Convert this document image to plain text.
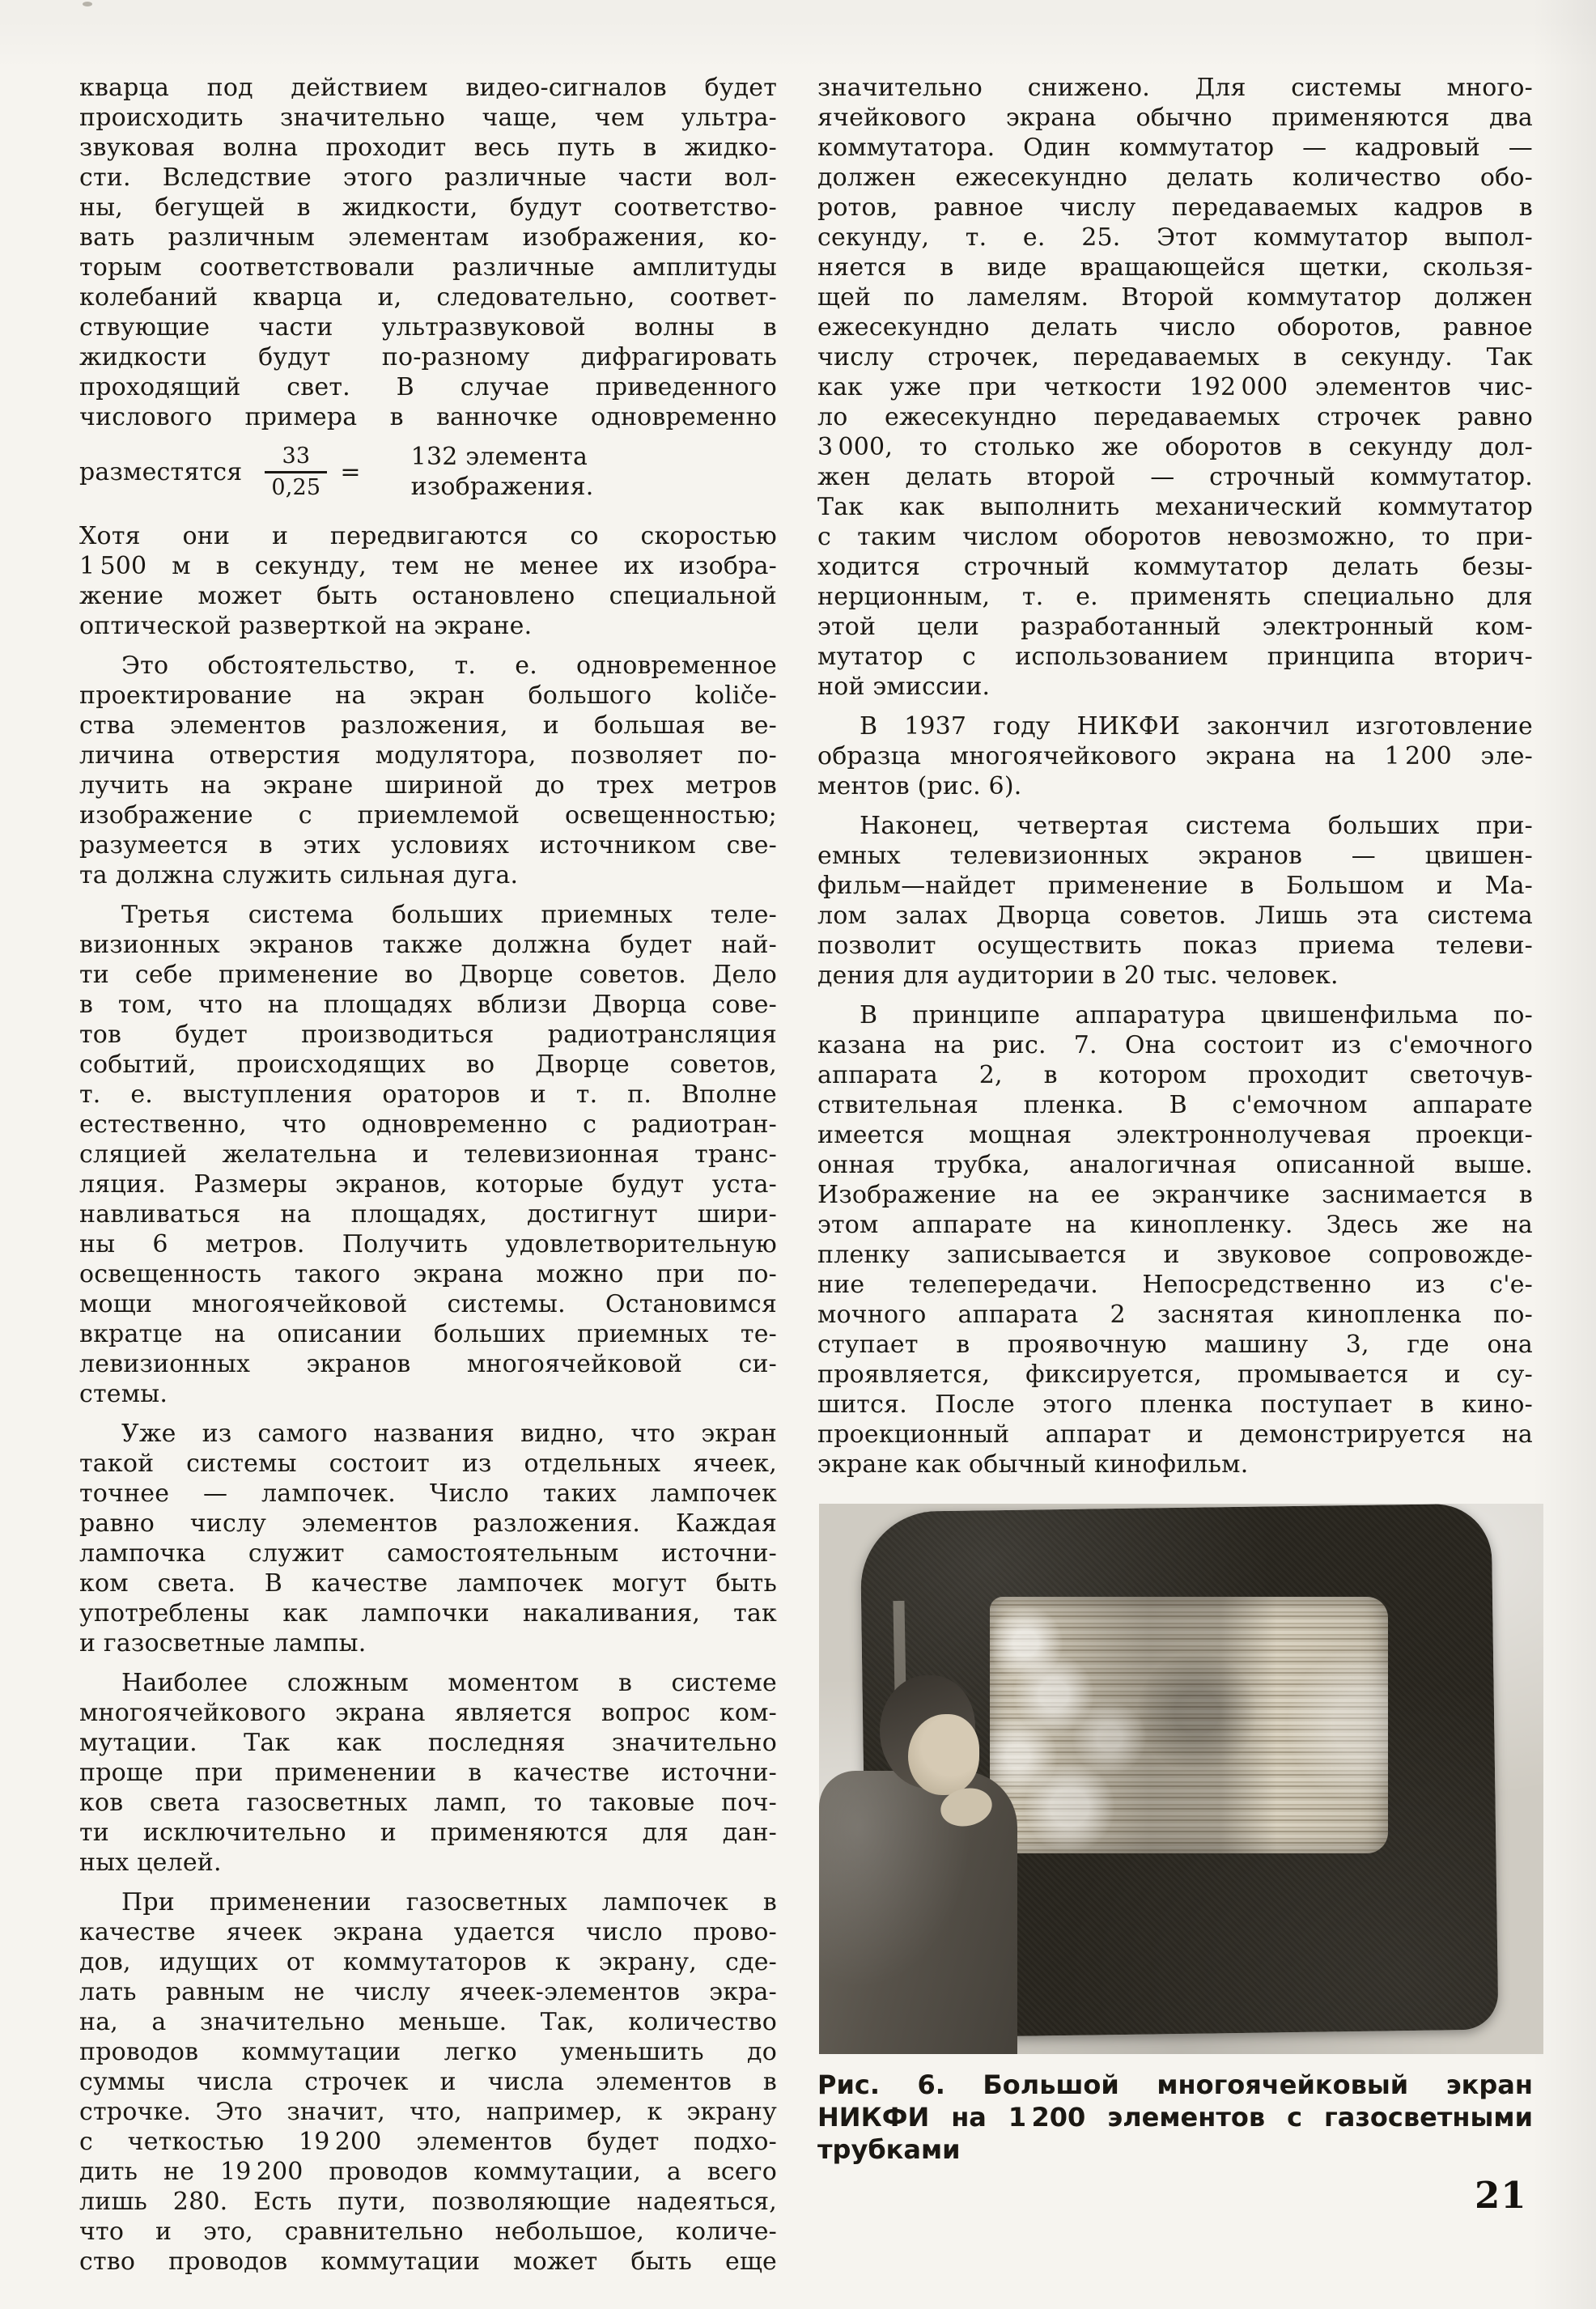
кварца под действием видео-сигналов будет
происходить значительно чаще, чем ультра-
звуковая волна проходит весь путь в жидко-
сти. Вследствие этого различные части вол-
ны, бегущей в жидкости, будут соответство-
вать различным элементам изображения, ко-
торым соответствовали различные амплитуды
колебаний кварца и, следовательно, соответ-
ствующие части ультразвуковой волны в
жидкости будут по-разному дифрагировать
проходящий свет. В случае приведенного
числового примера в ванночке одновременно
разместятся $\frac{33}{0,25}$ =
132 элемента изображения.
Хотя они и передвигаются со скоростью
1 500 м в секунду, тем не менее их изобра-
жение может быть остановлено специальной
оптической разверткой на экране.
Это обстоятельство, т. е. одновременное
проектирование на экран большого količе-
ства элементов разложения, и большая ве-
личина отверстия модулятора, позволяет по-
лучить на экране шириной до трех метров
изображение с приемлемой освещенностью;
разумеется в этих условиях источником све-
та должна служить сильная дуга.
Третья система больших приемных теле-
визионных экранов также должна будет най-
ти себе применение во Дворце советов. Дело
в том, что на площадях вблизи Дворца сове-
тов будет производиться радиотрансляция
событий, происходящих во Дворце советов,
т. е. выступления ораторов и т. п. Вполне
естественно, что одновременно с радиотран-
сляцией желательна и телевизионная транс-
ляция. Размеры экранов, которые будут уста-
навливаться на площадях, достигнут шири-
ны 6 метров. Получить удовлетворительную
освещенность такого экрана можно при по-
мощи многоячейковой системы. Остановимся
вкратце на описании больших приемных те-
левизионных экранов многоячейковой си-
стемы.
Уже из самого названия видно, что экран
такой системы состоит из отдельных ячеек,
точнее — лампочек. Число таких лампочек
равно числу элементов разложения. Каждая
лампочка служит самостоятельным источни-
ком света. В качестве лампочек могут быть
употреблены как лампочки накаливания, так
и газосветные лампы.
Наиболее сложным моментом в системе
многоячейкового экрана является вопрос ком-
мутации. Так как последняя значительно
проще при применении в качестве источни-
ков света газосветных ламп, то таковые поч-
ти исключительно и применяются для дан-
ных целей.
При применении газосветных лампочек в
качестве ячеек экрана удается число прово-
дов, идущих от коммутаторов к экрану, сде-
лать равным не числу ячеек-элементов экра-
на, а значительно меньше. Так, количество
проводов коммутации легко уменьшить до
суммы числа строчек и числа элементов в
строчке. Это значит, что, например, к экрану
с четкостью 19 200 элементов будет подхо-
дить не 19 200 проводов коммутации, а всего
лишь 280. Есть пути, позволяющие надеяться,
что и это, сравнительно небольшое, количе-
ство проводов коммутации может быть еще
значительно снижено. Для системы много-
ячейкового экрана обычно применяются два
коммутатора. Один коммутатор — кадровый —
должен ежесекундно делать количество обо-
ротов, равное числу передаваемых кадров в
секунду, т. е. 25. Этот коммутатор выпол-
няется в виде вращающейся щетки, скользя-
щей по ламелям. Второй коммутатор должен
ежесекундно делать число оборотов, равное
числу строчек, передаваемых в секунду. Так
как уже при четкости 192 000 элементов чис-
ло ежесекундно передаваемых строчек равно
3 000, то столько же оборотов в секунду дол-
жен делать второй — строчный коммутатор.
Так как выполнить механический коммутатор
с таким числом оборотов невозможно, то при-
ходится строчный коммутатор делать безы-
нерционным, т. е. применять специально для
этой цели разработанный электронный ком-
мутатор с использованием принципа вторич-
ной эмиссии.
В 1937 году НИКФИ закончил изготовление
образца многоячейкового экрана на 1 200 эле-
ментов (рис. 6).
Наконец, четвертая система больших при-
емных телевизионных экранов — цвишен-
фильм—найдет применение в Большом и Ма-
лом залах Дворца советов. Лишь эта система
позволит осуществить показ приема телеви-
дения для аудитории в 20 тыс. человек.
В принципе аппаратура цвишенфильма по-
казана на рис. 7. Она состоит из с'емочного
аппарата 2, в котором проходит светочув-
ствительная пленка. В с'емочном аппарате
имеется мощная электроннолучевая проекци-
онная трубка, аналогичная описанной выше.
Изображение на ее экранчике заснимается в
этом аппарате на кинопленку. Здесь же на
пленку записывается и звуковое сопровожде-
ние телепередачи. Непосредственно из с'е-
мочного аппарата 2 заснятая кинопленка по-
ступает в проявочную машину 3, где она
проявляется, фиксируется, промывается и су-
шится. После этого пленка поступает в кино-
проекционный аппарат и демонстрируется на
экране как обычный кинофильм.
Рис. 6. Большой многоячейковый экран
НИКФИ на 1 200 элементов с газосветными
трубками
21
